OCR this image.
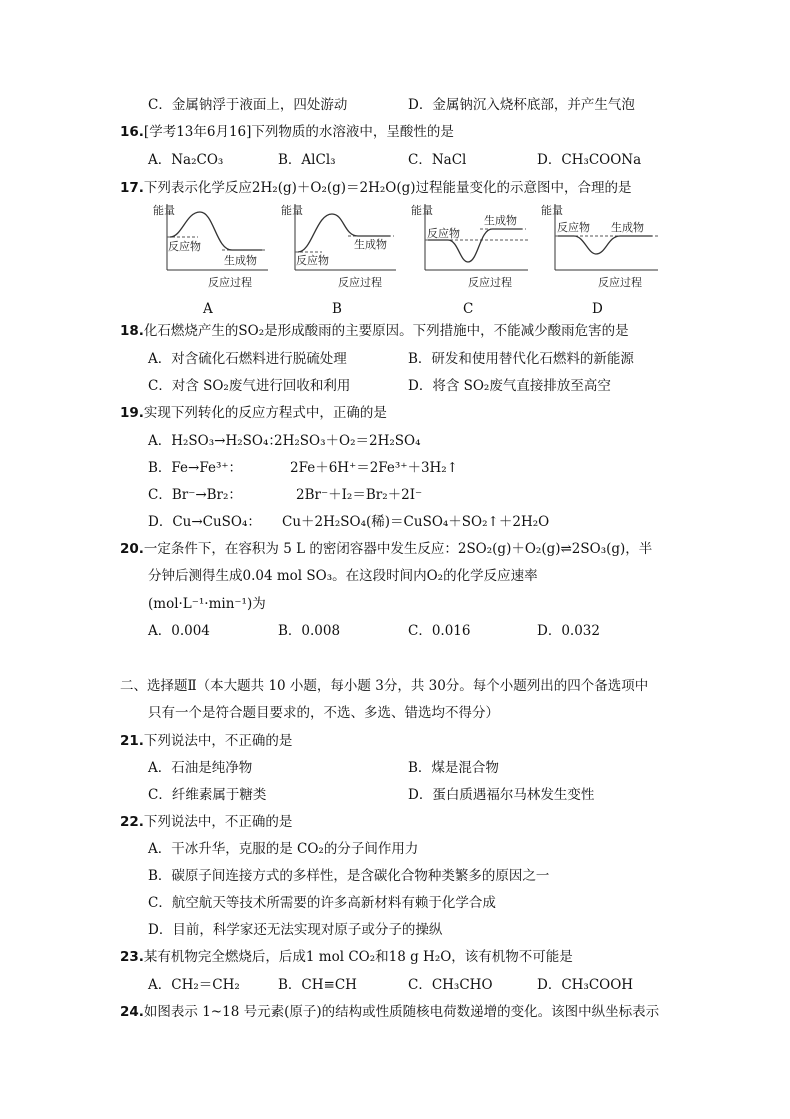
C．金属钠浮于液面上，四处游动	D．金属钠沉入烧杯底部，并产生气泡
16.[学考13年6月16]下列物质的水溶液中，呈酸性的是
A．Na₂CO₃	B．AlCl₃	C．NaCl	D．CH₃COONa
17.下列表示化学反应2H₂(g)＋O₂(g)＝2H₂O(g)过程能量变化的示意图中，合理的是
能量
反应物
生成物
反应过程
A
能量
反应物
生成物
反应过程
B
能量
反应物
生成物
反应过程
C
能量
反应物 生成物
反应过程
D
18.化石燃烧产生的SO₂是形成酸雨的主要原因。下列措施中，不能减少酸雨危害的是
A．对含硫化石燃料进行脱硫处理	B．研发和使用替代化石燃料的新能源
C．对含 SO₂废气进行回收和利用	D．将含 SO₂废气直接排放至高空
19.实现下列转化的反应方程式中，正确的是
A．H₂SO₃→H₂SO₄：
2H₂SO₃＋O₂＝2H₂SO₄
B．Fe→Fe³⁺：	2Fe＋6H⁺＝2Fe³⁺＋3H₂↑
C．Br⁻→Br₂：	2Br⁻＋I₂＝Br₂＋2I⁻
D．Cu→CuSO₄： Cu＋2H₂SO₄(稀)＝CuSO₄＋SO₂↑＋2H₂O
20.一定条件下，在容积为 5 L 的密闭容器中发生反应：2SO₂(g)＋O₂(g)⇌2SO₃(g)，半
分钟后测得生成0.04 mol SO₃。在这段时间内O₂的化学反应速率
(mol·L⁻¹·min⁻¹)为
A．0.004	B．0.008	C．0.016	D．0.032
二、选择题Ⅱ（本大题共 10 小题，每小题 3分，共 30分。每个小题列出的四个备选项中
只有一个是符合题目要求的，不选、多选、错选均不得分）
21.下列说法中，不正确的是
A．石油是纯净物	B．煤是混合物
C．纤维素属于糖类	D．蛋白质遇福尔马林发生变性
22.下列说法中，不正确的是
A．干冰升华，克服的是 CO₂的分子间作用力
B．碳原子间连接方式的多样性，是含碳化合物种类繁多的原因之一
C．航空航天等技术所需要的许多高新材料有赖于化学合成
D．目前，科学家还无法实现对原子或分子的操纵
23.某有机物完全燃烧后，后成1 mol CO₂和18 g H₂O，该有机物不可能是
A．CH₂＝CH₂	B．CH≡CH	C．CH₃CHO	D．CH₃COOH
24.如图表示 1~18 号元素(原子)的结构或性质随核电荷数递增的变化。该图中纵坐标表示
